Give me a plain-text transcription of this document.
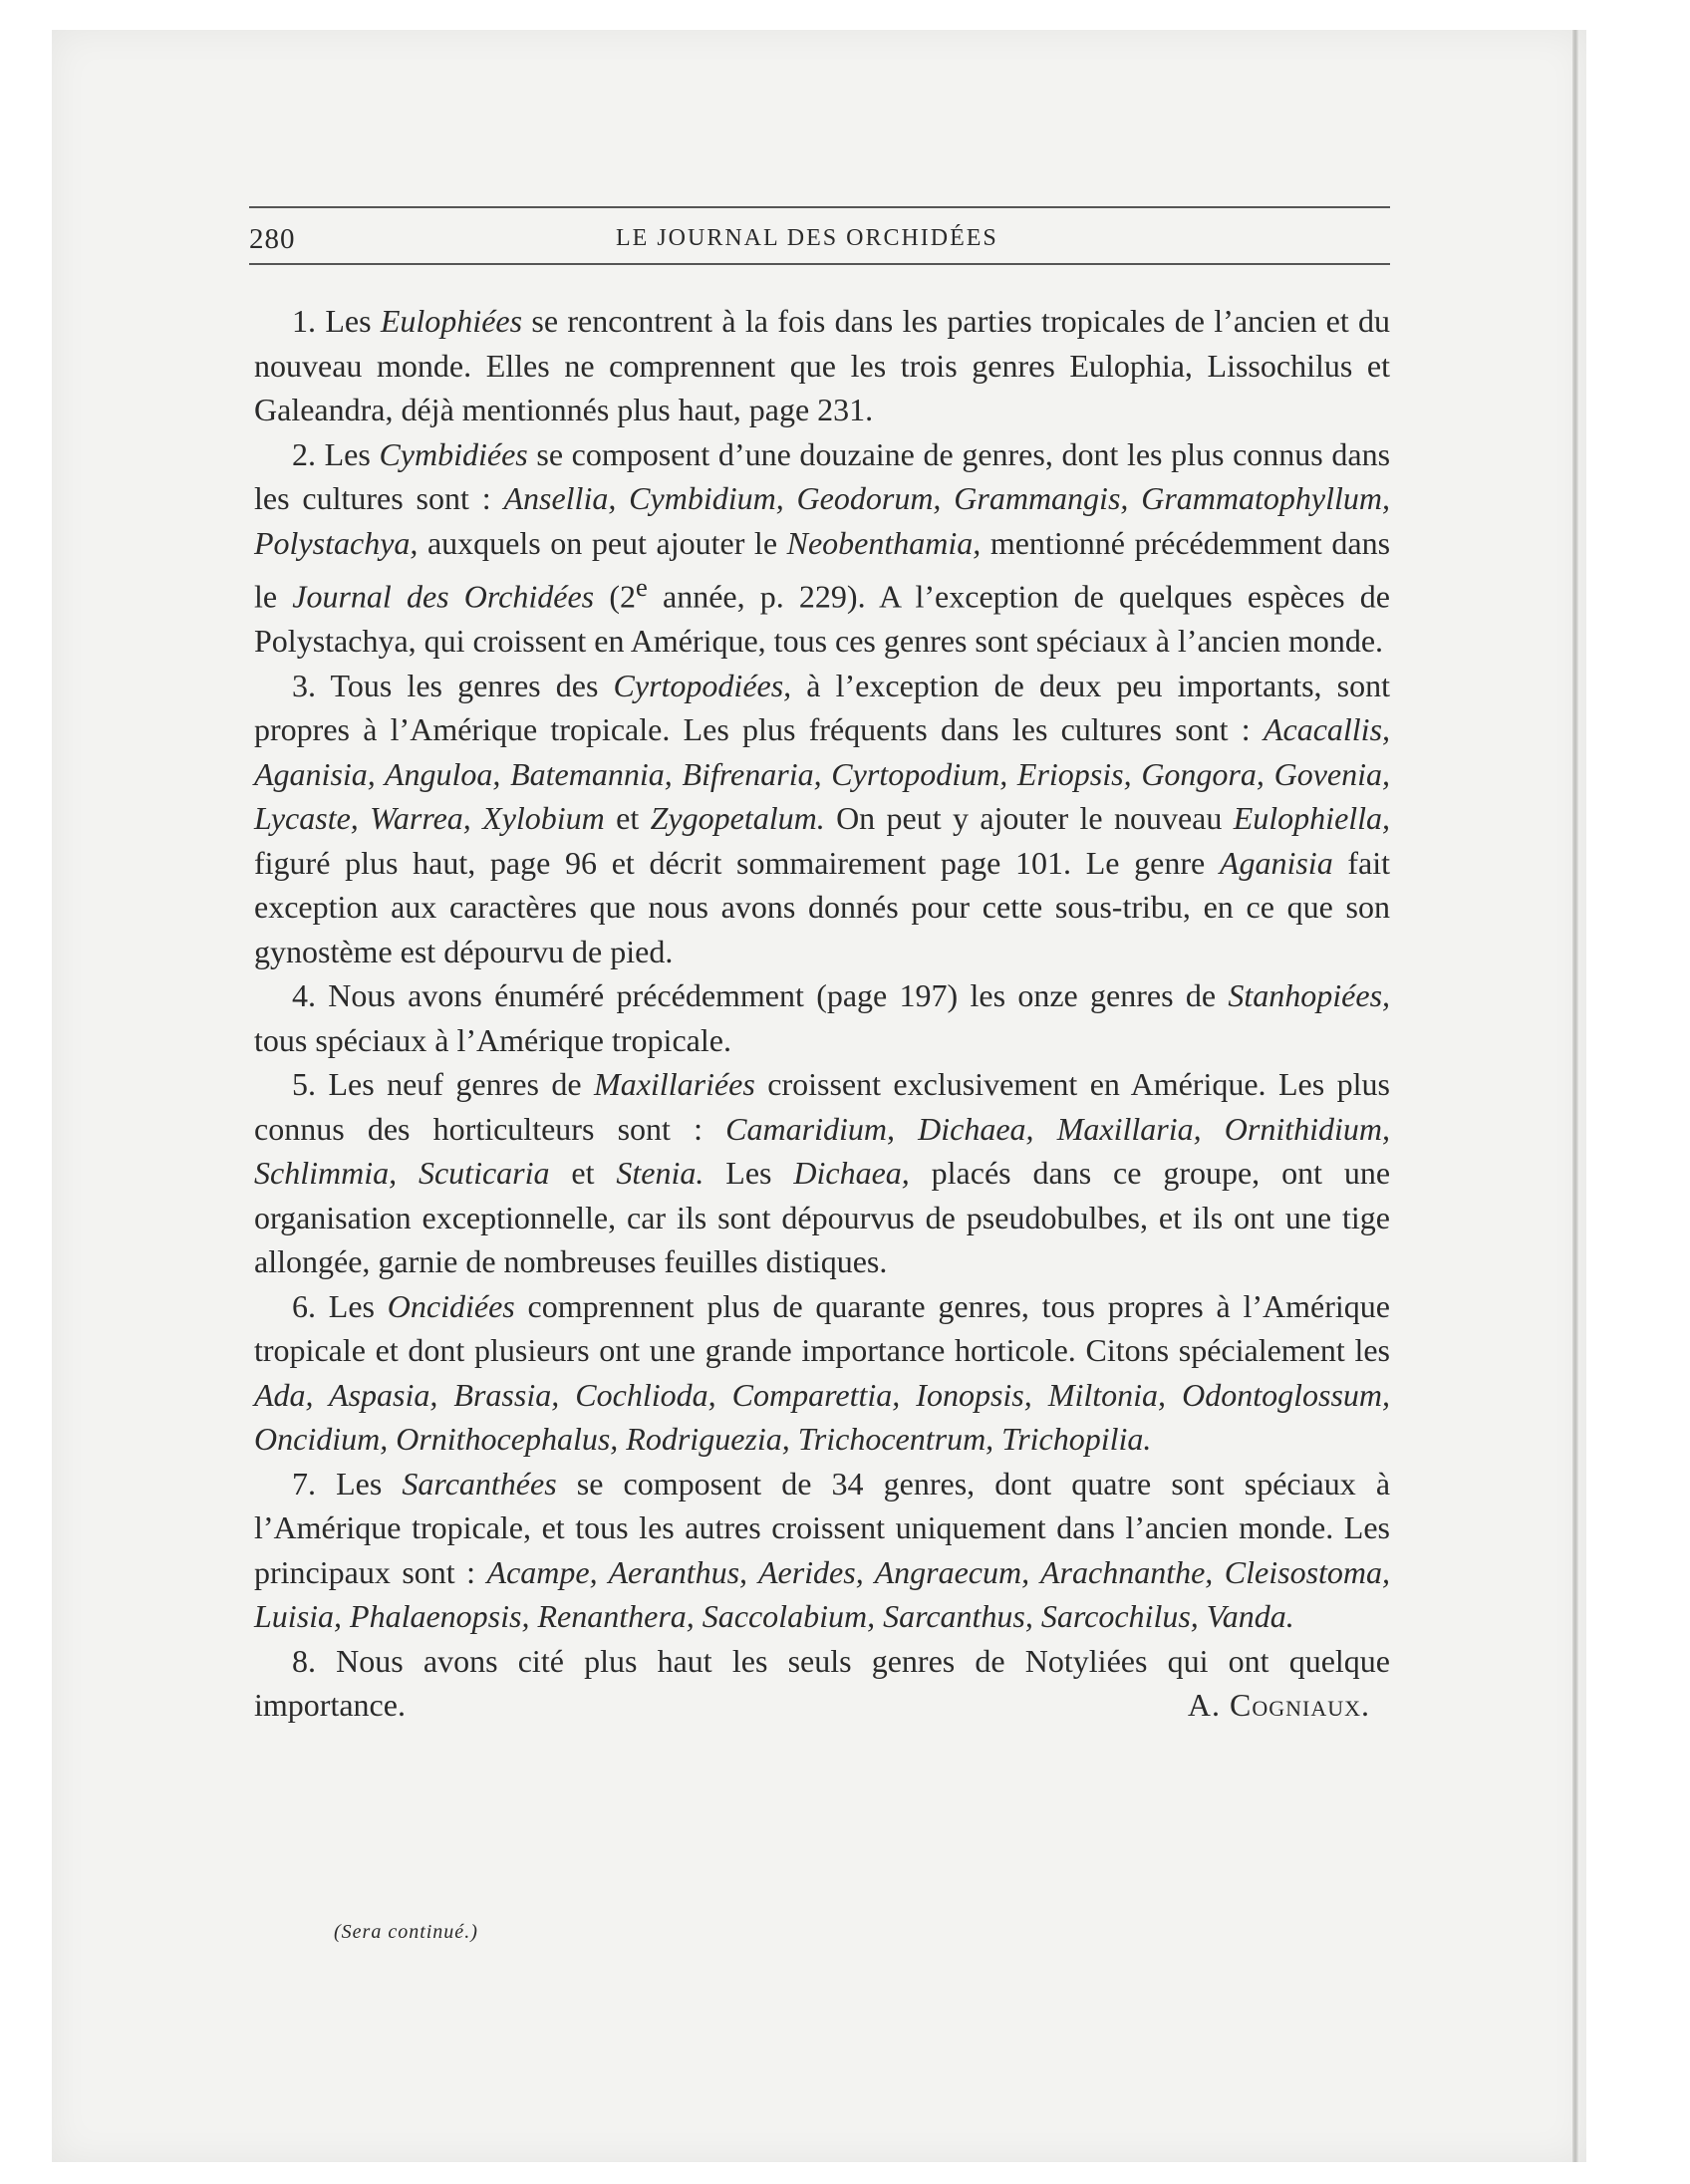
280	LE JOURNAL DES ORCHIDÉES

1. Les Eulophiées se rencontrent à la fois dans les parties tropicales de l’ancien et du nouveau monde. Elles ne comprennent que les trois genres Eulophia, Lissochilus et Galeandra, déjà mentionnés plus haut, page 231.

2. Les Cymbidiées se composent d’une douzaine de genres, dont les plus connus dans les cultures sont : Ansellia, Cymbidium, Geodorum, Grammangis, Grammatophyllum, Polystachya, auxquels on peut ajouter le Neobenthamia, mentionné précédemment dans le Journal des Orchidées (2e année, p. 229). A l’exception de quelques espèces de Polystachya, qui croissent en Amérique, tous ces genres sont spéciaux à l’ancien monde.

3. Tous les genres des Cyrtopodiées, à l’exception de deux peu importants, sont propres à l’Amérique tropicale. Les plus fréquents dans les cultures sont : Acacallis, Aganisia, Anguloa, Batemannia, Bifrenaria, Cyrtopodium, Eriopsis, Gongora, Govenia, Lycaste, Warrea, Xylobium et Zygopetalum. On peut y ajouter le nouveau Eulophiella, figuré plus haut, page 96 et décrit sommairement page 101. Le genre Aganisia fait exception aux caractères que nous avons donnés pour cette sous-tribu, en ce que son gynostème est dépourvu de pied.

4. Nous avons énuméré précédemment (page 197) les onze genres de Stanhopiées, tous spéciaux à l’Amérique tropicale.

5. Les neuf genres de Maxillariées croissent exclusivement en Amérique. Les plus connus des horticulteurs sont : Camaridium, Dichaea, Maxillaria, Ornithidium, Schlimmia, Scuticaria et Stenia. Les Dichaea, placés dans ce groupe, ont une organisation exceptionnelle, car ils sont dépourvus de pseudobulbes, et ils ont une tige allongée, garnie de nombreuses feuilles distiques.

6. Les Oncidiées comprennent plus de quarante genres, tous propres à l’Amérique tropicale et dont plusieurs ont une grande importance horticole. Citons spécialement les Ada, Aspasia, Brassia, Cochlioda, Comparettia, Ionopsis, Miltonia, Odontoglossum, Oncidium, Ornithocephalus, Rodriguezia, Trichocentrum, Trichopilia.

7. Les Sarcanthées se composent de 34 genres, dont quatre sont spéciaux à l’Amérique tropicale, et tous les autres croissent uniquement dans l’ancien monde. Les principaux sont : Acampe, Aeranthus, Aerides, Angraecum, Arachnanthe, Cleisostoma, Luisia, Phalaenopsis, Renanthera, Saccolabium, Sarcanthus, Sarcochilus, Vanda.

8. Nous avons cité plus haut les seuls genres de Notyliées qui ont quelque importance.	A. Cogniaux.

(Sera continué.)
